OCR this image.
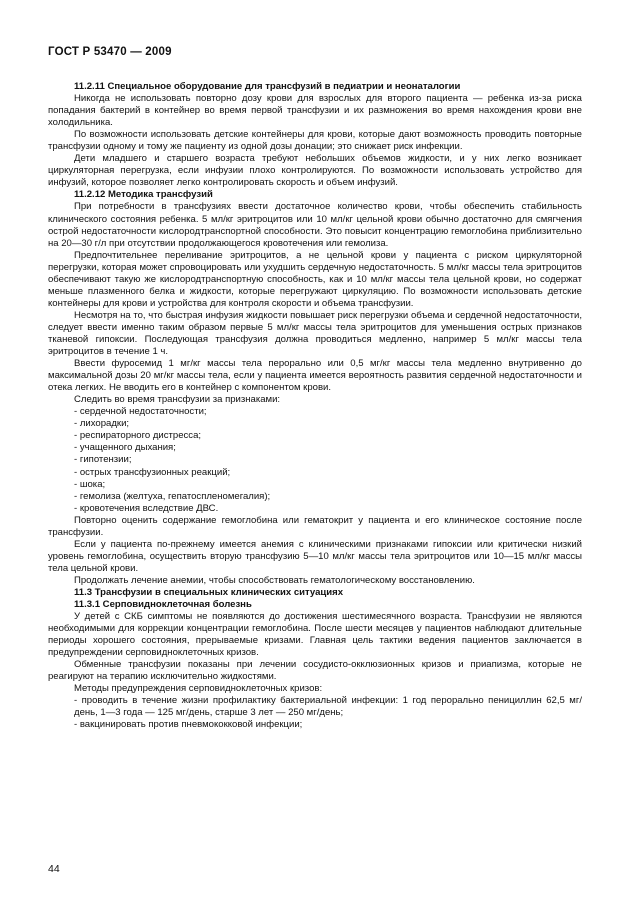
ГОСТ Р 53470 — 2009

11.2.11 Специальное оборудование для трансфузий в педиатрии и неонаталогии

Никогда не использовать повторно дозу крови для взрослых для второго пациента — ребенка из-за риска попадания бактерий в контейнер во время первой трансфузии и их размножения во время нахождения крови вне холодильника.

По возможности использовать детские контейнеры для крови, которые дают возможность проводить повторные трансфузии одному и тому же пациенту из одной дозы донации; это снижает риск инфекции.

Дети младшего и старшего возраста требуют небольших объемов жидкости, и у них легко возникает циркуляторная перегрузка, если инфузии плохо контролируются. По возможности использовать устройство для инфузий, которое позволяет легко контролировать скорость и объем инфузий.

11.2.12 Методика трансфузий

При потребности в трансфузиях ввести достаточное количество крови, чтобы обеспечить стабильность клинического состояния ребенка. 5 мл/кг эритроцитов или 10 мл/кг цельной крови обычно достаточно для смягчения острой недостаточности кислородтранспортной способности. Это повысит концентрацию гемоглобина приблизительно на 20—30 г/л при отсутствии продолжающегося кровотечения или гемолиза.

Предпочтительнее переливание эритроцитов, а не цельной крови у пациента с риском циркуляторной перегрузки, которая может спровоцировать или ухудшить сердечную недостаточность. 5 мл/кг массы тела эритроцитов обеспечивают такую же кислородтранспортную способность, как и 10 мл/кг массы тела цельной крови, но содержат меньше плазменного белка и жидкости, которые перегружают циркуляцию. По возможности использовать детские контейнеры для крови и устройства для контроля скорости и объема трансфузии.

Несмотря на то, что быстрая инфузия жидкости повышает риск перегрузки объема и сердечной недостаточности, следует ввести именно таким образом первые 5 мл/кг массы тела эритроцитов для уменьшения острых признаков тканевой гипоксии. Последующая трансфузия должна проводиться медленно, например 5 мл/кг массы тела эритроцитов в течение 1 ч.

Ввести фуросемид 1 мг/кг массы тела перорально или 0,5 мг/кг массы тела медленно внутривенно до максимальной дозы 20 мг/кг массы тела, если у пациента имеется вероятность развития сердечной недостаточности и отека легких. Не вводить его в контейнер с компонентом крови.

Следить во время трансфузии за признаками:

- сердечной недостаточности;
- лихорадки;
- респираторного дистресса;
- учащенного дыхания;
- гипотензии;
- острых трансфузионных реакций;
- шока;
- гемолиза (желтуха, гепатоспленомегалия);
- кровотечения вследствие ДВС.

Повторно оценить содержание гемоглобина или гематокрит у пациента и его клиническое состояние после трансфузии.

Если у пациента по-прежнему имеется анемия с клиническими признаками гипоксии или критически низкий уровень гемоглобина, осуществить вторую трансфузию 5—10 мл/кг массы тела эритроцитов или 10—15 мл/кг массы тела цельной крови.

Продолжать лечение анемии, чтобы способствовать гематологическому восстановлению.

11.3 Трансфузии в специальных клинических ситуациях

11.3.1 Серповидноклеточная болезнь

У детей с СКБ симптомы не появляются до достижения шестимесячного возраста. Трансфузии не являются необходимыми для коррекции концентрации гемоглобина. После шести месяцев у пациентов наблюдают длительные периоды хорошего состояния, прерываемые кризами. Главная цель тактики ведения пациентов заключается в предупреждении серповидноклеточных кризов.

Обменные трансфузии показаны при лечении сосудисто-окклюзионных кризов и приапизма, которые не реагируют на терапию исключительно жидкостями.

Методы предупреждения серповидноклеточных кризов:

- проводить в течение жизни профилактику бактериальной инфекции: 1 год перорально пенициллин 62,5 мг/день, 1—3 года — 125 мг/день, старше 3 лет — 250 мг/день;
- вакцинировать против пневмококковой инфекции;
44
